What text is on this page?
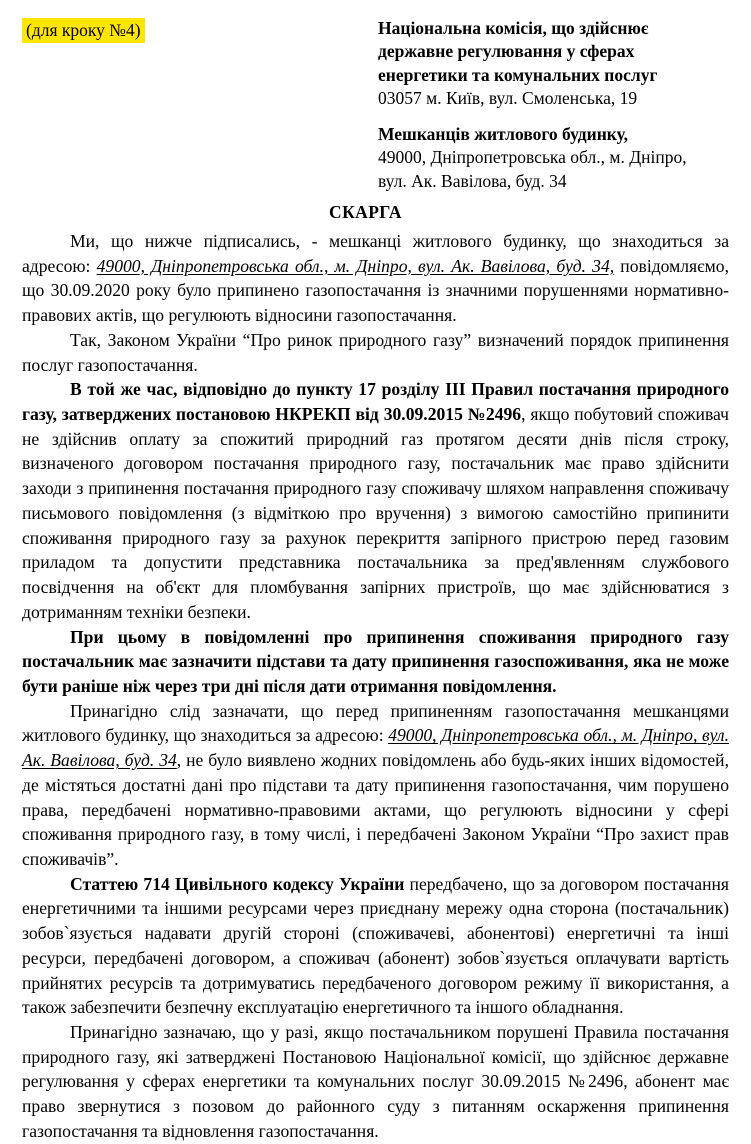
(для кроку №4)	Національна комісія, що здійснює
державне регулювання у сферах
енергетики та комунальних послуг
03057 м. Київ, вул. Смоленська, 19
Мешканців житлового будинку,
49000, Дніпропетровська обл., м. Дніпро,
вул. Ак. Вавілова, буд. 34
СКАРГА

Ми, що нижче підписались, - мешканці житлового будинку, що знаходиться за адресою: 49000, Дніпропетровська обл., м. Дніпро, вул. Ак. Вавілова, буд. 34, повідомляємо, що 30.09.2020 року було припинено газопостачання із значними порушеннями нормативно-правових актів, що регулюють відносини газопостачання.

Так, Законом України “Про ринок природного газу” визначений порядок припинення послуг газопостачання.

В той же час, відповідно до пункту 17 розділу ІІІ Правил постачання природного газу, затверджених постановою НКРЕКП від 30.09.2015 №2496, якщо побутовий споживач не здійснив оплату за спожитий природний газ протягом десяти днів після строку, визначеного договором постачання природного газу, постачальник має право здійснити заходи з припинення постачання природного газу споживачу шляхом направлення споживачу письмового повідомлення (з відміткою про вручення) з вимогою самостійно припинити споживання природного газу за рахунок перекриття запірного пристрою перед газовим приладом та допустити представника постачальника за пред'явленням службового посвідчення на об'єкт для пломбування запірних пристроїв, що має здійснюватися з дотриманням техніки безпеки.

При цьому в повідомленні про припинення споживання природного газу постачальник має зазначити підстави та дату припинення газоспоживання, яка не може бути раніше ніж через три дні після дати отримання повідомлення.

Принагідно слід зазначати, що перед припиненням газопостачання мешканцями житлового будинку, що знаходиться за адресою: 49000, Дніпропетровська обл., м. Дніпро, вул. Ак. Вавілова, буд. 34, не було виявлено жодних повідомлень або будь-яких інших відомостей, де містяться достатні дані про підстави та дату припинення газопостачання, чим порушено права, передбачені нормативно-правовими актами, що регулюють відносини у сфері споживання природного газу, в тому числі, і передбачені Законом України “Про захист прав споживачів”.

Статтею 714 Цивільного кодексу України передбачено, що за договором постачання енергетичними та іншими ресурсами через приєднану мережу одна сторона (постачальник) зобов`язується надавати другій стороні (споживачеві, абонентові) енергетичні та інші ресурси, передбачені договором, а споживач (абонент) зобов`язується оплачувати вартість прийнятих ресурсів та дотримуватись передбаченого договором режиму її використання, а також забезпечити безпечну експлуатацію енергетичного та іншого обладнання.

Принагідно зазначаю, що у разі, якщо постачальником порушені Правила постачання природного газу, які затверджені Постановою Національної комісії, що здійснює державне регулювання у сферах енергетики та комунальних послуг 30.09.2015 №2496, абонент має право звернутися з позовом до районного суду з питанням оскарження припинення газопостачання та відновлення газопостачання.
